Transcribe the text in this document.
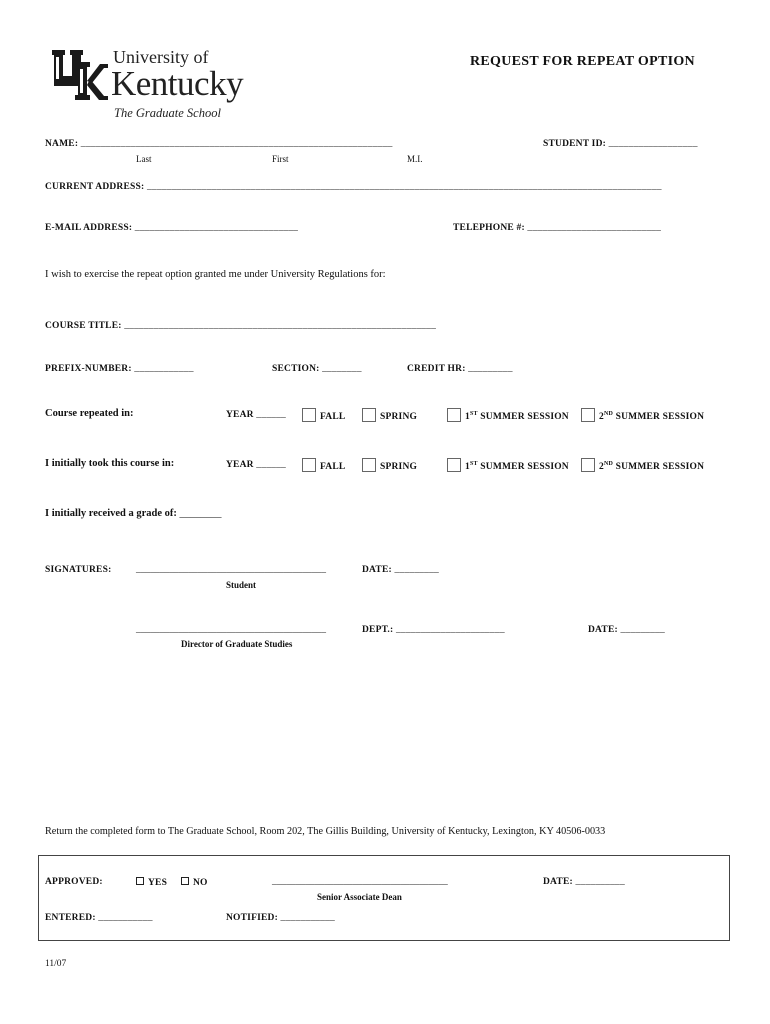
University of
Kentucky
The Graduate School
REQUEST FOR REPEAT OPTION
NAME: _______________________________________________________________
Last	First	M.I.
STUDENT ID: __________________
CURRENT ADDRESS: ________________________________________________________________________________________________________
E-MAIL ADDRESS: _________________________________	TELEPHONE #: ___________________________
I wish to exercise the repeat option granted me under University Regulations for:
COURSE TITLE: _______________________________________________________________
PREFIX-NUMBER: ____________	SECTION: ________	CREDIT HR: _________
Course repeated in:	YEAR ______	FALL	SPRING	1ST SUMMER SESSION	2ND SUMMER SESSION
I initially took this course in:	YEAR ______	FALL	SPRING	1ST SUMMER SESSION	2ND SUMMER SESSION
I initially received a grade of: ________
SIGNATURES:	________________________________________	DATE: _________
Student
________________________________________	DEPT.: ______________________	DATE: _________
Director of Graduate Studies
Return the completed form to The Graduate School, Room 202, The Gillis Building, University of Kentucky, Lexington, KY 40506-0033
APPROVED:	YES	NO	_____________________________________
Senior Associate Dean
DATE: __________
ENTERED: ___________	NOTIFIED: ___________
11/07
